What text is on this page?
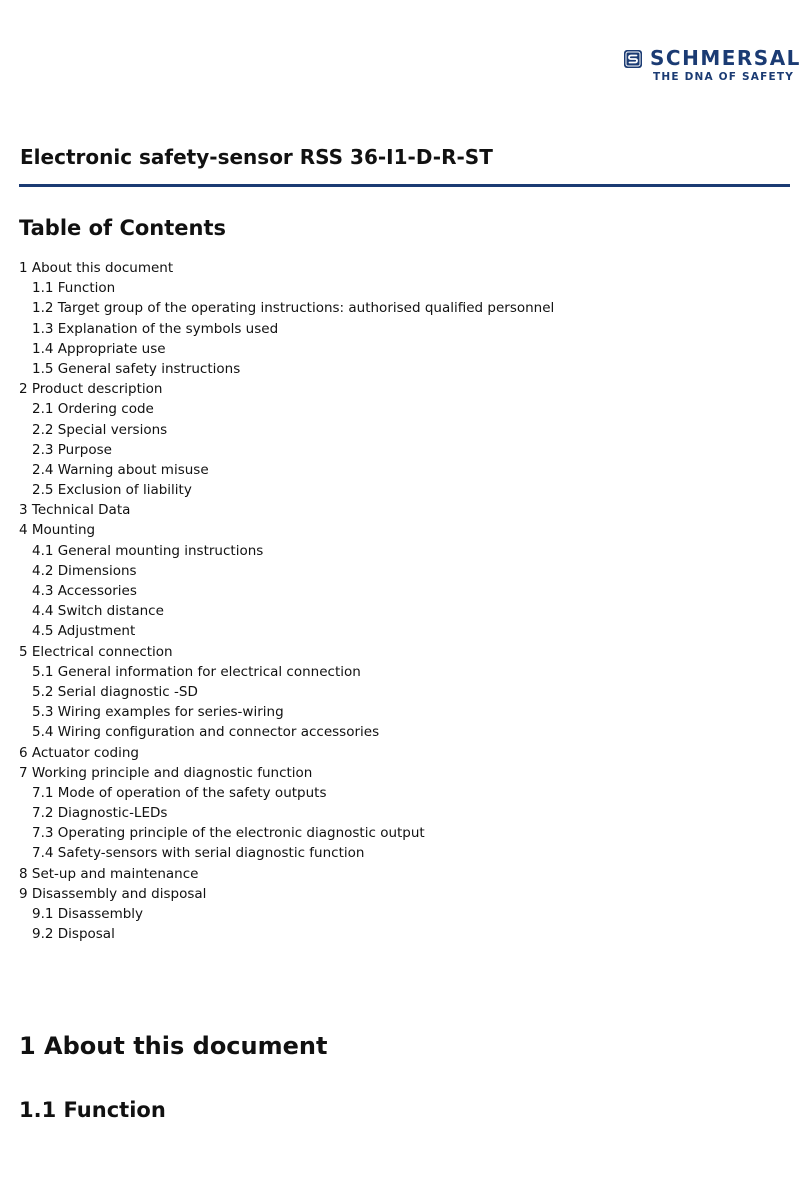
SCHMERSAL
THE DNA OF SAFETY
Electronic safety-sensor RSS 36-I1-D-R-ST
Table of Contents
1 About this document
1.1 Function
1.2 Target group of the operating instructions: authorised qualified personnel
1.3 Explanation of the symbols used
1.4 Appropriate use
1.5 General safety instructions
2 Product description
2.1 Ordering code
2.2 Special versions
2.3 Purpose
2.4 Warning about misuse
2.5 Exclusion of liability
3 Technical Data
4 Mounting
4.1 General mounting instructions
4.2 Dimensions
4.3 Accessories
4.4 Switch distance
4.5 Adjustment
5 Electrical connection
5.1 General information for electrical connection
5.2 Serial diagnostic -SD
5.3 Wiring examples for series-wiring
5.4 Wiring configuration and connector accessories
6 Actuator coding
7 Working principle and diagnostic function
7.1 Mode of operation of the safety outputs
7.2 Diagnostic-LEDs
7.3 Operating principle of the electronic diagnostic output
7.4 Safety-sensors with serial diagnostic function
8 Set-up and maintenance
9 Disassembly and disposal
9.1 Disassembly
9.2 Disposal
1 About this document
1.1 Function
